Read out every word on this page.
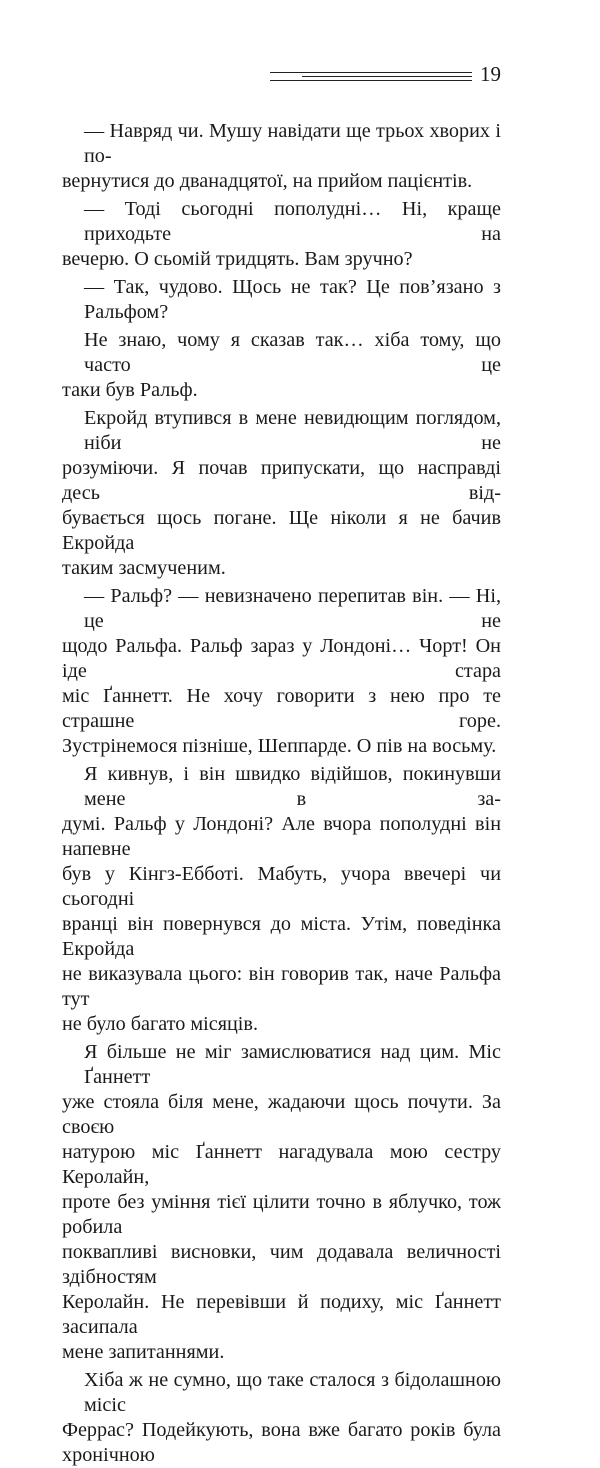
19
— Навряд чи. Мушу навідати ще трьох хворих і по-
вернутися до дванадцятої, на прийом пацієнтів.
— Тоді сьогодні пополудні… Ні, краще приходьте на
вечерю. О сьомій тридцять. Вам зручно?
— Так, чудово. Щось не так? Це пов’язано з Ральфом?
Не знаю, чому я сказав так… хіба тому, що часто це
таки був Ральф.
Екройд втупився в мене невидющим поглядом, ніби не
розуміючи. Я почав припускати, що насправді десь від-
бувається щось погане. Ще ніколи я не бачив Екройда
таким засмученим.
— Ральф? — невизначено перепитав він. — Ні, це не
щодо Ральфа. Ральф зараз у Лондоні… Чорт! Он іде стара
міс Ґаннетт. Не хочу говорити з нею про те страшне горе.
Зустрінемося пізніше, Шеппарде. О пів на восьму.
Я кивнув, і він швидко відійшов, покинувши мене в за-
думі. Ральф у Лондоні? Але вчора пополудні він напевне
був у Кінгз-Ебботі. Мабуть, учора ввечері чи сьогодні
вранці він повернувся до міста. Утім, поведінка Екройда
не виказувала цього: він говорив так, наче Ральфа тут
не було багато місяців.
Я більше не міг замислюватися над цим. Міс Ґаннетт
уже стояла біля мене, жадаючи щось почути. За своєю
натурою міс Ґаннетт нагадувала мою сестру Керолайн,
проте без уміння тієї цілити точно в яблучко, тож робила
поквапливі висновки, чим додавала величності здібностям
Керолайн. Не перевівши й подиху, міс Ґаннетт засипала
мене запитаннями.
Хіба ж не сумно, що таке сталося з бідолашною місіс
Феррас? Подейкують, вона вже багато років була хронічною
